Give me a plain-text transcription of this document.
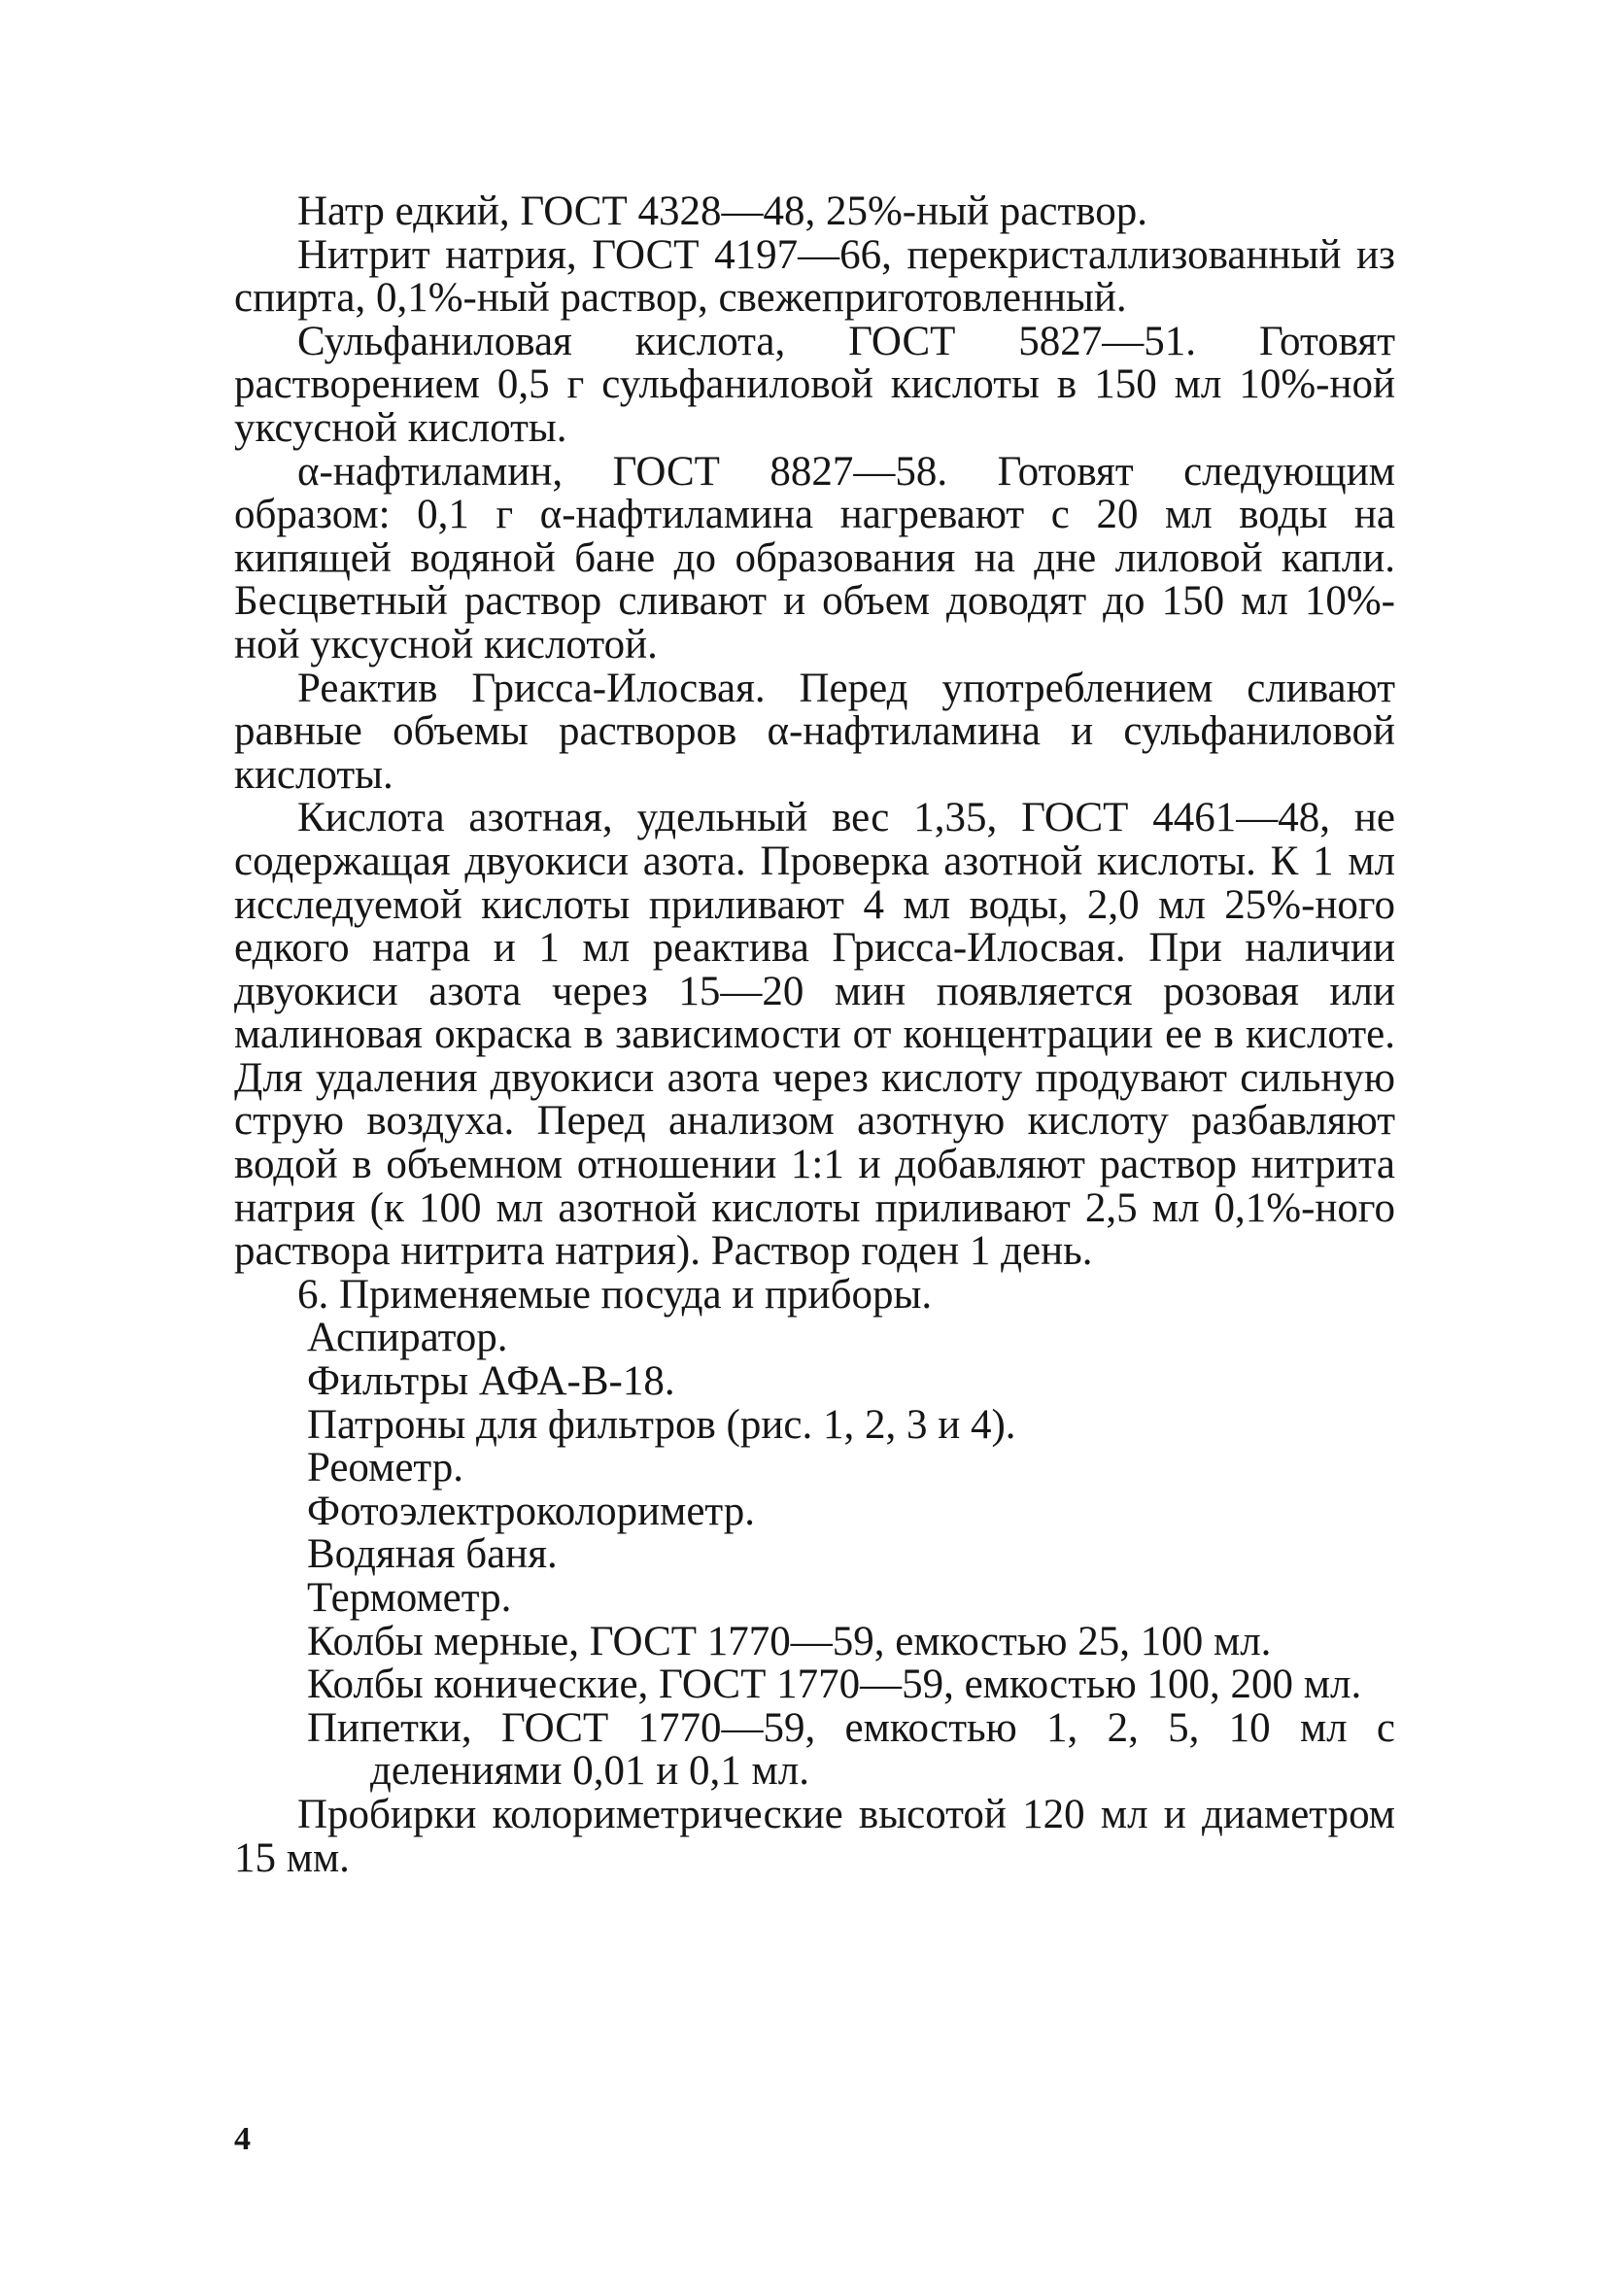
Натр едкий, ГОСТ 4328—48, 25%-ный раствор.

Нитрит натрия, ГОСТ 4197—66, перекристаллизованный из спирта, 0,1%-ный раствор, свежеприготовленный.

Сульфаниловая кислота, ГОСТ 5827—51. Готовят растворением 0,5 г сульфаниловой кислоты в 150 мл 10%-ной уксусной кислоты.

α-нафтиламин, ГОСТ 8827—58. Готовят следующим образом: 0,1 г α-нафтиламина нагревают с 20 мл воды на кипящей водяной бане до образования на дне лиловой капли. Бесцветный раствор сливают и объем доводят до 150 мл 10%-ной уксусной кислотой.

Реактив Грисса-Илосвая. Перед употреблением сливают равные объемы растворов α-нафтиламина и сульфаниловой кислоты.

Кислота азотная, удельный вес 1,35, ГОСТ 4461—48, не содержащая двуокиси азота. Проверка азотной кислоты. К 1 мл исследуемой кислоты приливают 4 мл воды, 2,0 мл 25%-ного едкого натра и 1 мл реактива Грисса-Илосвая. При наличии двуокиси азота через 15—20 мин появляется розовая или малиновая окраска в зависимости от концентрации ее в кислоте. Для удаления двуокиси азота через кислоту продувают сильную струю воздуха. Перед анализом азотную кислоту разбавляют водой в объемном отношении 1:1 и добавляют раствор нитрита натрия (к 100 мл азотной кислоты приливают 2,5 мл 0,1%-ного раствора нитрита натрия). Раствор годен 1 день.

6. Применяемые посуда и приборы.

Аспиратор.

Фильтры АФА-В-18.

Патроны для фильтров (рис. 1, 2, 3 и 4).

Реометр.

Фотоэлектроколориметр.

Водяная баня.

Термометр.

Колбы мерные, ГОСТ 1770—59, емкостью 25, 100 мл.

Колбы конические, ГОСТ 1770—59, емкостью 100, 200 мл.

Пипетки, ГОСТ 1770—59, емкостью 1, 2, 5, 10 мл с делениями 0,01 и 0,1 мл.

Пробирки колориметрические высотой 120 мл и диаметром 15 мм.

4
